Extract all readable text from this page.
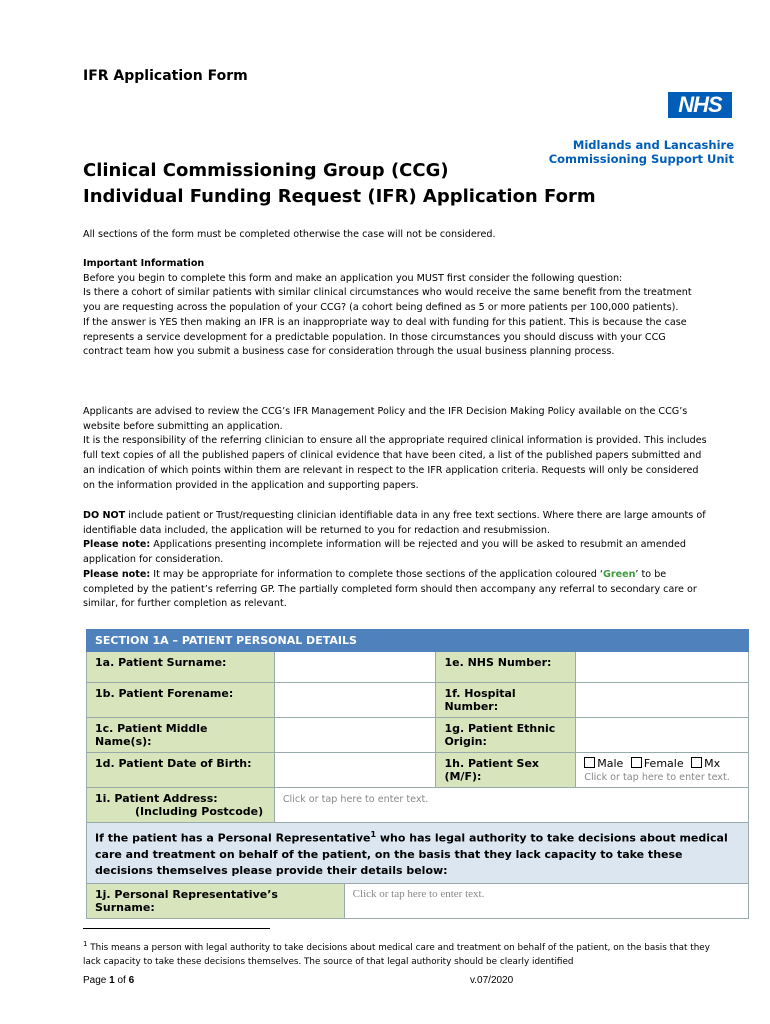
IFR Application Form
NHS
Midlands and Lancashire
Commissioning Support Unit
Clinical Commissioning Group (CCG)
Individual Funding Request (IFR) Application Form
All sections of the form must be completed otherwise the case will not be considered.

Important Information

Before you begin to complete this form and make an application you MUST first consider the following question:

Is there a cohort of similar patients with similar clinical circumstances who would receive the same benefit from the treatment you are requesting across the population of your CCG? (a cohort being defined as 5 or more patients per 100,000 patients).

If the answer is YES then making an IFR is an inappropriate way to deal with funding for this patient. This is because the case represents a service development for a predictable population. In those circumstances you should discuss with your CCG contract team how you submit a business case for consideration through the usual business planning process.

Applicants are advised to review the CCG’s IFR Management Policy and the IFR Decision Making Policy available on the CCG’s website before submitting an application.

It is the responsibility of the referring clinician to ensure all the appropriate required clinical information is provided. This includes full text copies of all the published papers of clinical evidence that have been cited, a list of the published papers submitted and an indication of which points within them are relevant in respect to the IFR application criteria. Requests will only be considered on the information provided in the application and supporting papers.

DO NOT include patient or Trust/requesting clinician identifiable data in any free text sections. Where there are large amounts of identifiable data included, the application will be returned to you for redaction and resubmission.

Please note: Applications presenting incomplete information will be rejected and you will be asked to resubmit an amended application for consideration.

Please note: It may be appropriate for information to complete those sections of the application coloured ‘Green’ to be completed by the patient’s referring GP. The partially completed form should then accompany any referral to secondary care or similar, for further completion as relevant.

SECTION 1A – PATIENT PERSONAL DETAILS				
1a. Patient Surname:			1e. NHS Number:	
1b. Patient Forename:			1f. Hospital Number:	
1c. Patient Middle Name(s):			1g. Patient Ethnic Origin:	
1d. Patient Date of Birth:			1h. Patient Sex (M/F):	Male Female Mx
Click or tap here to enter text.

1i. Patient Address:
(Including Postcode)	Click or tap here to enter text.			
If the patient has a Personal Representative$^1$ who has legal authority to take decisions about medical care and treatment on behalf of the patient, on the basis that they lack capacity to take these decisions themselves please provide their details below:				
1j. Personal Representative’s Surname:		Click or tap here to enter text.		
$^1$ This means a person with legal authority to take decisions about medical care and treatment on behalf of the patient, on the basis that they lack capacity to take these decisions themselves. The source of that legal authority should be clearly identified
Page 1 of 6	v.07/2020
